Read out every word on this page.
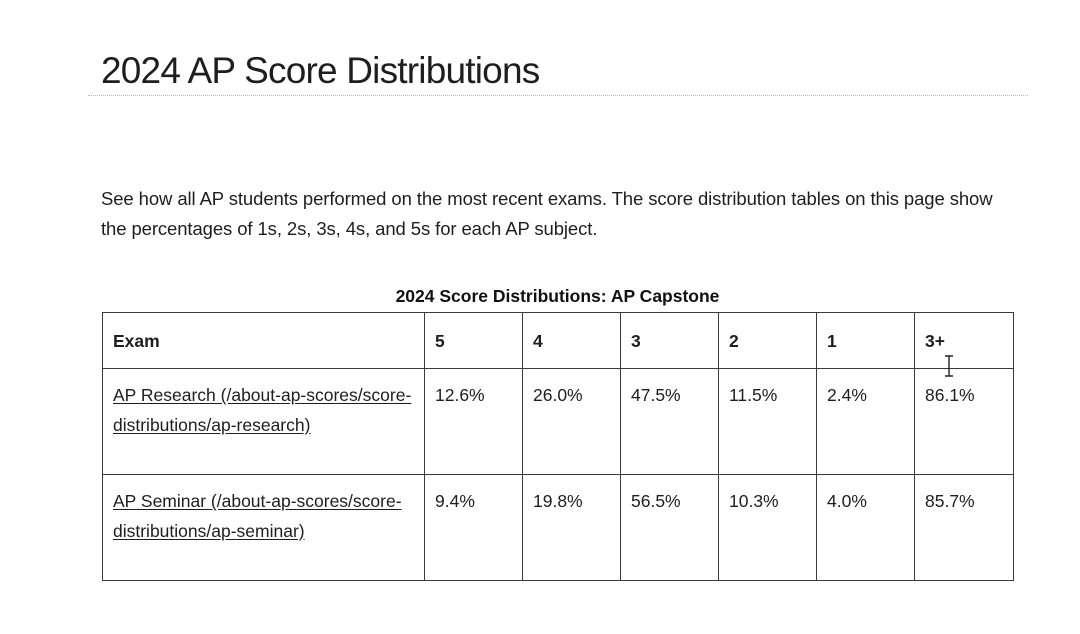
2024 AP Score Distributions

See how all AP students performed on the most recent exams. The score distribution tables on this page show the percentages of 1s, 2s, 3s, 4s, and 5s for each AP subject.

2024 Score Distributions: AP Capstone
Exam	5	4	3	2	1	3+
AP Research (/about-ap-scores/score-distributions/ap-research)	12.6%	26.0%	47.5%	11.5%	2.4%	86.1%
AP Seminar (/about-ap-scores/score-distributions/ap-seminar)	9.4%	19.8%	56.5%	10.3%	4.0%	85.7%
